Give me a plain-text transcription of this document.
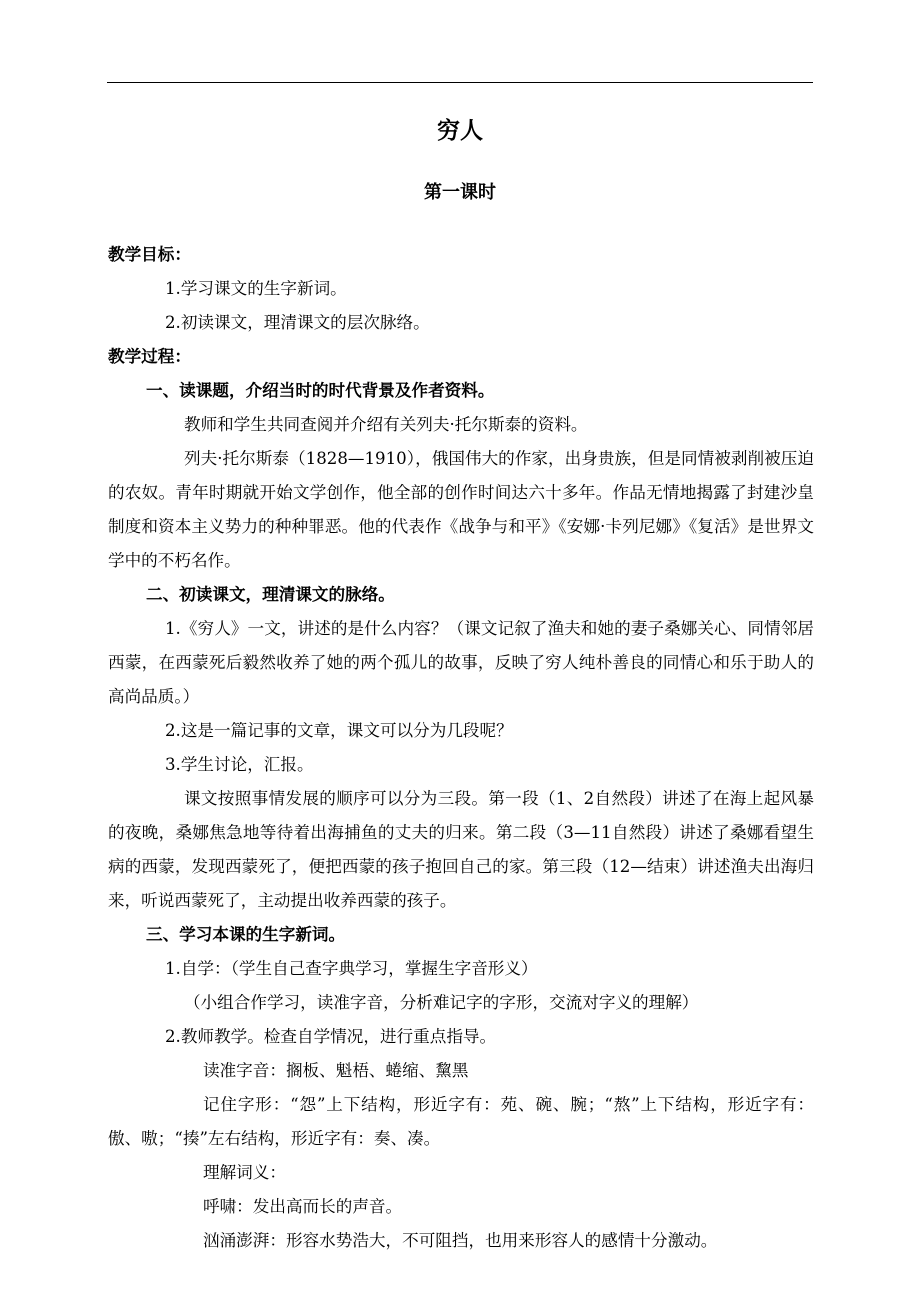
穷人
第一课时
教学目标：
1.学习课文的生字新词。
2.初读课文，理清课文的层次脉络。
教学过程：
一、读课题，介绍当时的时代背景及作者资料。
教师和学生共同查阅并介绍有关列夫·托尔斯泰的资料。
列夫·托尔斯泰（1828—1910），俄国伟大的作家，出身贵族，但是同情被剥削被压迫的农奴。青年时期就开始文学创作，他全部的创作时间达六十多年。作品无情地揭露了封建沙皇制度和资本主义势力的种种罪恶。他的代表作《战争与和平》《安娜·卡列尼娜》《复活》是世界文学中的不朽名作。
二、初读课文，理清课文的脉络。
1.《穷人》一文，讲述的是什么内容？（课文记叙了渔夫和她的妻子桑娜关心、同情邻居西蒙，在西蒙死后毅然收养了她的两个孤儿的故事，反映了穷人纯朴善良的同情心和乐于助人的高尚品质。）
2.这是一篇记事的文章，课文可以分为几段呢？
3.学生讨论，汇报。
课文按照事情发展的顺序可以分为三段。第一段（1、2自然段）讲述了在海上起风暴的夜晚，桑娜焦急地等待着出海捕鱼的丈夫的归来。第二段（3—11自然段）讲述了桑娜看望生病的西蒙，发现西蒙死了，便把西蒙的孩子抱回自己的家。第三段（12—结束）讲述渔夫出海归来，听说西蒙死了，主动提出收养西蒙的孩子。
三、学习本课的生字新词。
1.自学：（学生自己查字典学习，掌握生字音形义）
（小组合作学习，读准字音，分析难记字的字形，交流对字义的理解）
2.教师教学。检查自学情况，进行重点指导。
读准字音：搁板、魁梧、蜷缩、黧黑
记住字形：“怨”上下结构，形近字有：苑、碗、腕；“熬”上下结构，形近字有：傲、嗷；“揍”左右结构，形近字有：奏、凑。
理解词义：
呼啸：发出高而长的声音。
汹涌澎湃：形容水势浩大，不可阻挡，也用来形容人的感情十分激动。
